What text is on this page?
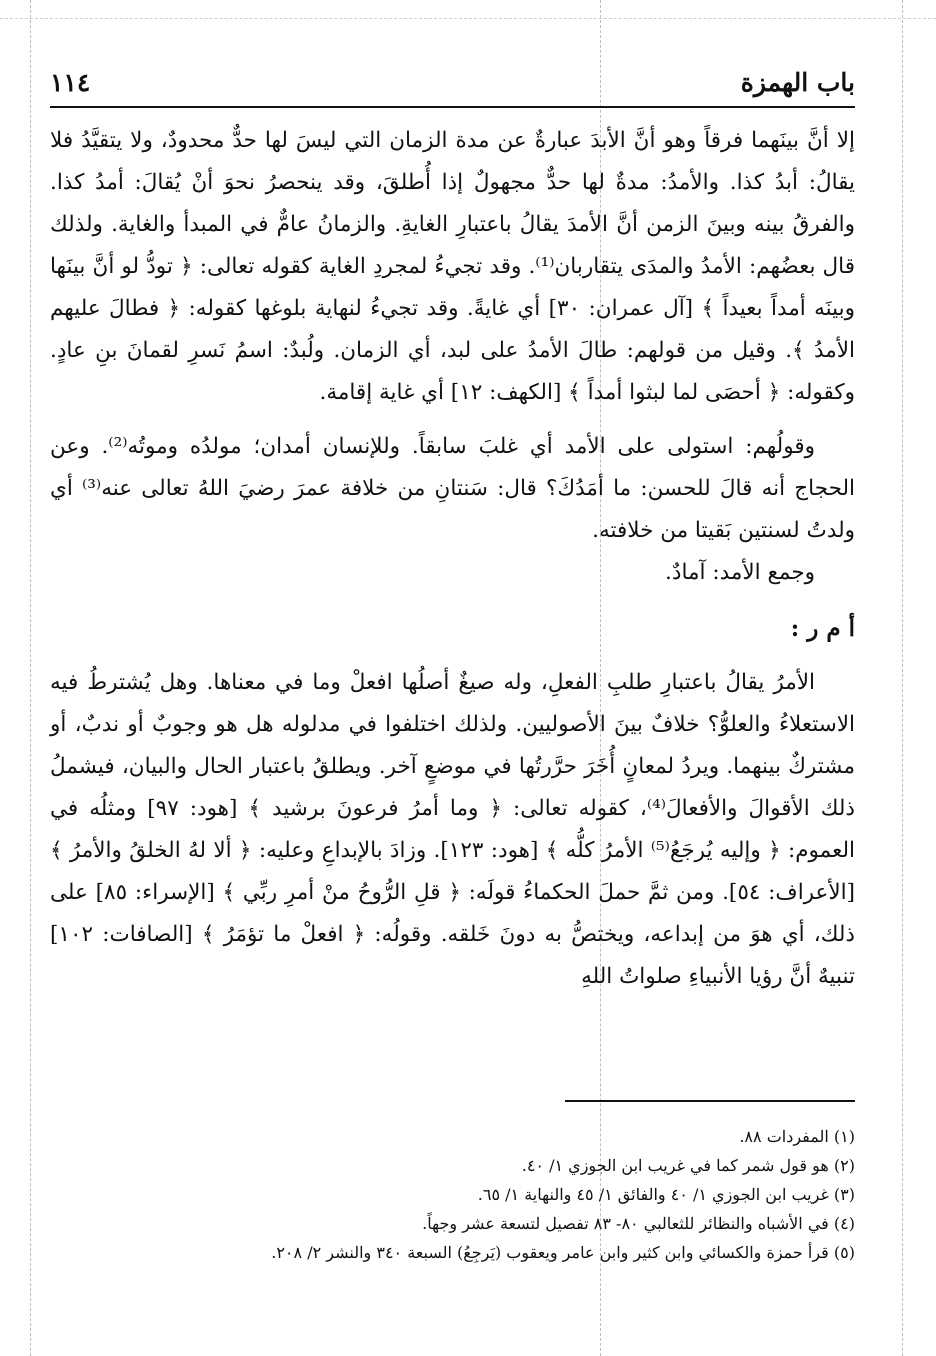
باب الهمزة
١١٤

إلا أنَّ بينَهما فرقاً وهو أنَّ الأبدَ عبارةٌ عن مدة الزمان التي ليسَ لها حدٌّ محدودٌ، ولا يتقيَّدُ فلا يقالُ: أبدُ كذا. والأمدُ: مدةٌ لها حدٌّ مجهولٌ إذا أُطلقَ، وقد ينحصرُ نحوَ أنْ يُقالَ: أمدُ كذا. والفرقُ بينه وبينَ الزمن أنَّ الأمدَ يقالُ باعتبارِ الغايةِ. والزمانُ عامٌّ في المبدأ والغاية. ولذلك قال بعضُهم: الأمدُ والمدَى يتقاربان⁽¹⁾. وقد تجيءُ لمجردِ الغاية كقوله تعالى: ﴿ تودُّ لو أنَّ بينَها وبينَه أمداً بعيداً ﴾ [آل عمران: ٣٠] أي غايةً. وقد تجيءُ لنهاية بلوغها كقوله: ﴿ فطالَ عليهم الأمدُ ﴾. وقيل من قولهم: طالَ الأمدُ على لبد، أي الزمان. ولُبدٌ: اسمُ نَسرِ لقمانَ بنِ عادٍ. وكقوله: ﴿ أحصَى لما لبثوا أمداً ﴾ [الكهف: ١٢] أي غاية إقامة.

وقولُهم: استولى على الأمد أي غلبَ سابقاً. وللإنسان أمدان؛ مولدُه وموتُه⁽²⁾. وعن الحجاج أنه قالَ للحسن: ما أمَدُكَ؟ قال: سَنتانِ من خلافة عمرَ رضيَ اللهُ تعالى عنه⁽³⁾ أي ولدتُ لسنتين بَقيتا من خلافته.

وجمع الأمد: آمادٌ.

أ م ر :

الأمرُ يقالُ باعتبارِ طلبِ الفعلِ، وله صيغٌ أصلُها افعلْ وما في معناها. وهل يُشترطُ فيه الاستعلاءُ والعلوُّ؟ خلافٌ بينَ الأصوليين. ولذلك اختلفوا في مدلوله هل هو وجوبٌ أو ندبٌ، أو مشتركٌ بينهما. ويردُ لمعانٍ أُخَرَ حرَّرتُها في موضعٍ آخر. ويطلقُ باعتبار الحال والبيان، فيشملُ ذلك الأقوالَ والأفعالَ⁽⁴⁾، كقوله تعالى: ﴿ وما أمرُ فرعونَ برشيد ﴾ [هود: ٩٧] ومثلُه في العموم: ﴿ وإليه يُرجَعُ⁽⁵⁾ الأمرُ كلُّه ﴾ [هود: ١٢٣]. وزادَ بالإبداعِ وعليه: ﴿ ألا لهُ الخلقُ والأمرُ ﴾ [الأعراف: ٥٤]. ومن ثمَّ حملَ الحكماءُ قولَه: ﴿ قلِ الرُّوحُ منْ أمرِ ربِّي ﴾ [الإسراء: ٨٥] على ذلك، أي هوَ من إبداعه، ويختصُّ به دونَ خَلقه. وقولُه: ﴿ افعلْ ما تؤمَرُ ﴾ [الصافات: ١٠٢] تنبيهٌ أنَّ رؤيا الأنبياءِ صلواتُ اللهِ

(١) المفردات ٨٨.

(٢) هو قول شمر كما في غريب ابن الجوزي ١/ ٤٠.

(٣) غريب ابن الجوزي ١/ ٤٠ والفائق ١/ ٤٥ والنهاية ١/ ٦٥.

(٤) في الأشباه والنظائر للثعالبي ٨٠- ٨٣ تفصيل لتسعة عشر وجهاً.

(٥) قرأ حمزة والكسائي وابن كثير وابن عامر ويعقوب (يَرجِعُ) السبعة ٣٤٠ والنشر ٢/ ٢٠٨.
